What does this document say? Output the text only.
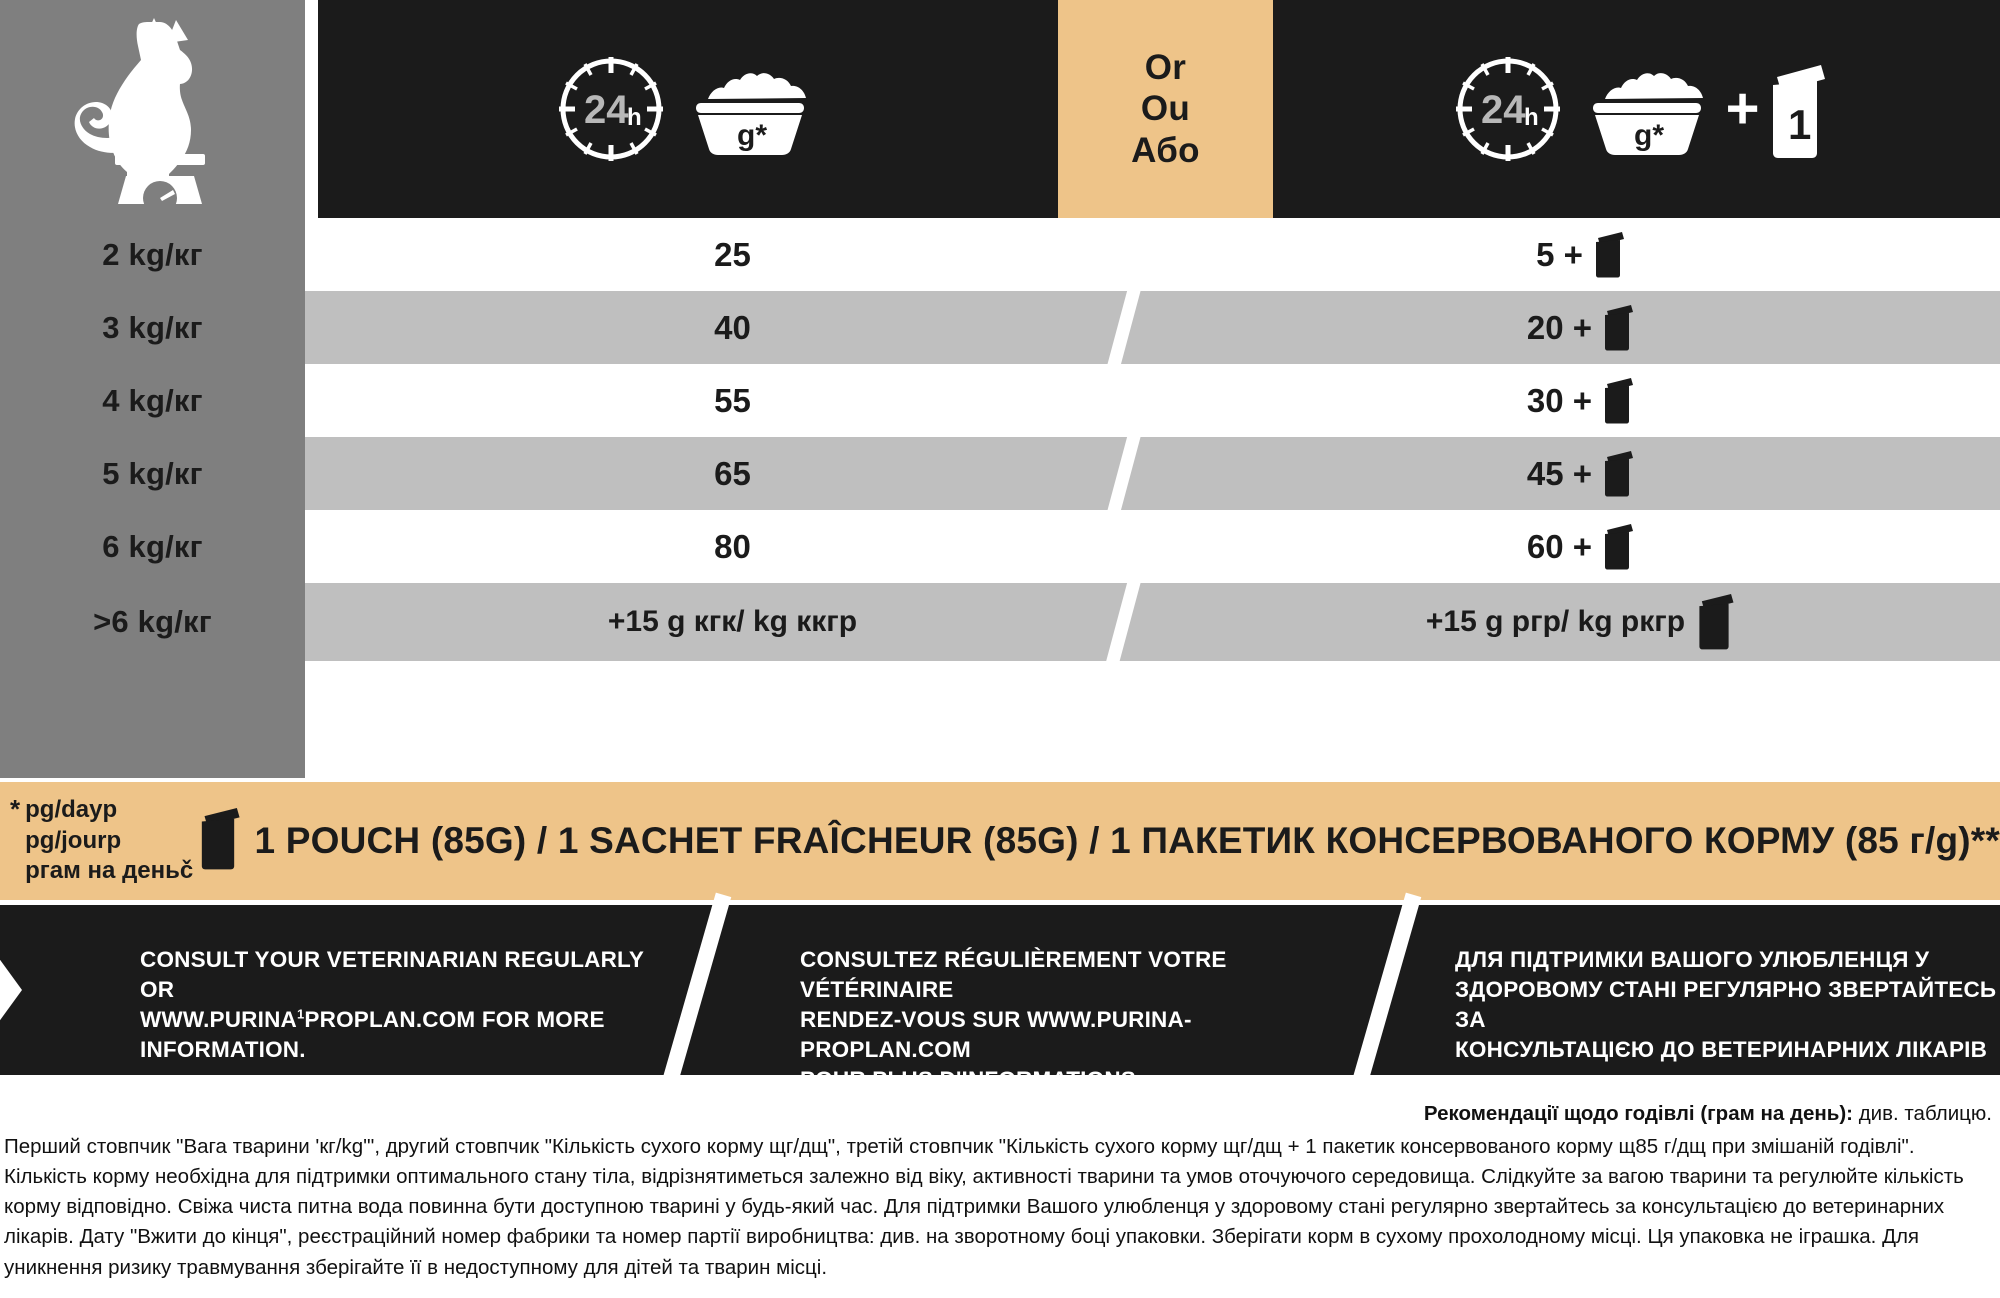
24
h
g*
Or
Ou
Або
24
h
g* + 1
2 kg/кг	25	5 +
3 kg/кг	40	20 +
4 kg/кг	55	30 +
5 kg/кг	65	45 +
6 kg/кг	80	60 +
>6 kg/кг	+15 g кгк/ kg ккгр	+15 g ргр/ kg ркгр
* pg/dayp
pg/jourp
ргам на деньč
1 POUCH (85G) / 1 SACHET FRAÎCHEUR (85G) / 1 ПАКЕТИК КОНСЕРВОВАНОГО КОРМУ (85 г/g)**
CONSULT YOUR VETERINARIAN REGULARLY OR
WWW.PURINA$^1$PROPLAN.COM FOR MORE
INFORMATION.
CONSULTEZ RÉGULIÈREMENT VOTRE VÉTÉRINAIRE
RENDEZ-VOUS SUR WWW.PURINA-PROPLAN.COM
ДЛЯ ПІДТРИМКИ ВАШОГО УЛЮБЛЕНЦЯ У
ЗДОРОВОМУ СТАНІ РЕГУЛЯРНО ЗВЕРТАЙТЕСЬ ЗА
КОНСУЛЬТАЦІЄЮ ДО ВЕТЕРИНАРНИХ ЛІКАРІВ
Рекомендації щодо годівлі (грам на день): див. таблицю.
Перший стовпчик "Вага тварини 'кг/kg'", другий стовпчик "Кількість сухого корму щг/дщ", третій стовпчик "Кількість сухого корму щг/дщ + 1 пакетик консервованого корму щ85 г/дщ при змішаній годівлі". Кількість корму необхідна для підтримки оптимального стану тіла, відрізнятиметься залежно від віку, активності тварини та умов оточуючого середовища. Слідкуйте за вагою тварини та регулюйте кількість корму відповідно. Свіжа чиста питна вода повинна бути доступною тварині у будь-який час. Для підтримки Вашого улюбленця у здоровому стані регулярно звертайтесь за консультацією до ветеринарних лікарів. Дату "Вжити до кінця", реєстраційний номер фабрики та номер партії виробництва: див. на зворотному боці упаковки. Зберігати корм в сухому прохолодному місці. Ця упаковка не іграшка. Для уникнення ризику травмування зберігайте її в недоступному для дітей та тварин місці.
